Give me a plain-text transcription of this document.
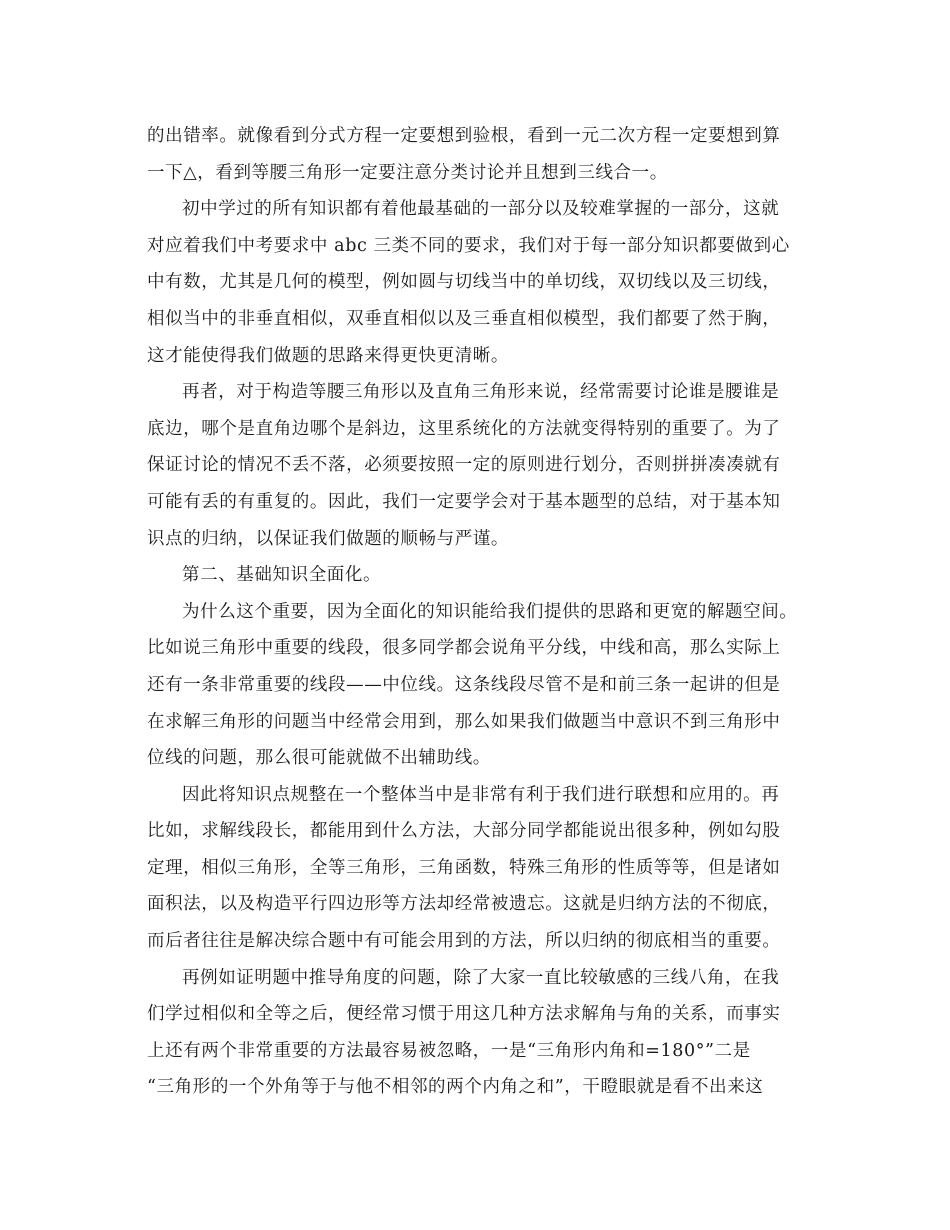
的出错率。就像看到分式方程一定要想到验根，看到一元二次方程一定要想到算
一下△，看到等腰三角形一定要注意分类讨论并且想到三线合一。
初中学过的所有知识都有着他最基础的一部分以及较难掌握的一部分，这就
对应着我们中考要求中 abc 三类不同的要求，我们对于每一部分知识都要做到心
中有数，尤其是几何的模型，例如圆与切线当中的单切线，双切线以及三切线，
相似当中的非垂直相似，双垂直相似以及三垂直相似模型，我们都要了然于胸，
这才能使得我们做题的思路来得更快更清晰。
再者，对于构造等腰三角形以及直角三角形来说，经常需要讨论谁是腰谁是
底边，哪个是直角边哪个是斜边，这里系统化的方法就变得特别的重要了。为了
保证讨论的情况不丢不落，必须要按照一定的原则进行划分，否则拼拼凑凑就有
可能有丢的有重复的。因此，我们一定要学会对于基本题型的总结，对于基本知
识点的归纳，以保证我们做题的顺畅与严谨。
第二、基础知识全面化。
为什么这个重要，因为全面化的知识能给我们提供的思路和更宽的解题空间。
比如说三角形中重要的线段，很多同学都会说角平分线，中线和高，那么实际上
还有一条非常重要的线段——中位线。这条线段尽管不是和前三条一起讲的但是
在求解三角形的问题当中经常会用到，那么如果我们做题当中意识不到三角形中
位线的问题，那么很可能就做不出辅助线。
因此将知识点规整在一个整体当中是非常有利于我们进行联想和应用的。再
比如，求解线段长，都能用到什么方法，大部分同学都能说出很多种，例如勾股
定理，相似三角形，全等三角形，三角函数，特殊三角形的性质等等，但是诸如
面积法，以及构造平行四边形等方法却经常被遗忘。这就是归纳方法的不彻底，
而后者往往是解决综合题中有可能会用到的方法，所以归纳的彻底相当的重要。
再例如证明题中推导角度的问题，除了大家一直比较敏感的三线八角，在我
们学过相似和全等之后，便经常习惯于用这几种方法求解角与角的关系，而事实
上还有两个非常重要的方法最容易被忽略，一是“三角形内角和=180°”二是
“三角形的一个外角等于与他不相邻的两个内角之和”，干瞪眼就是看不出来这
